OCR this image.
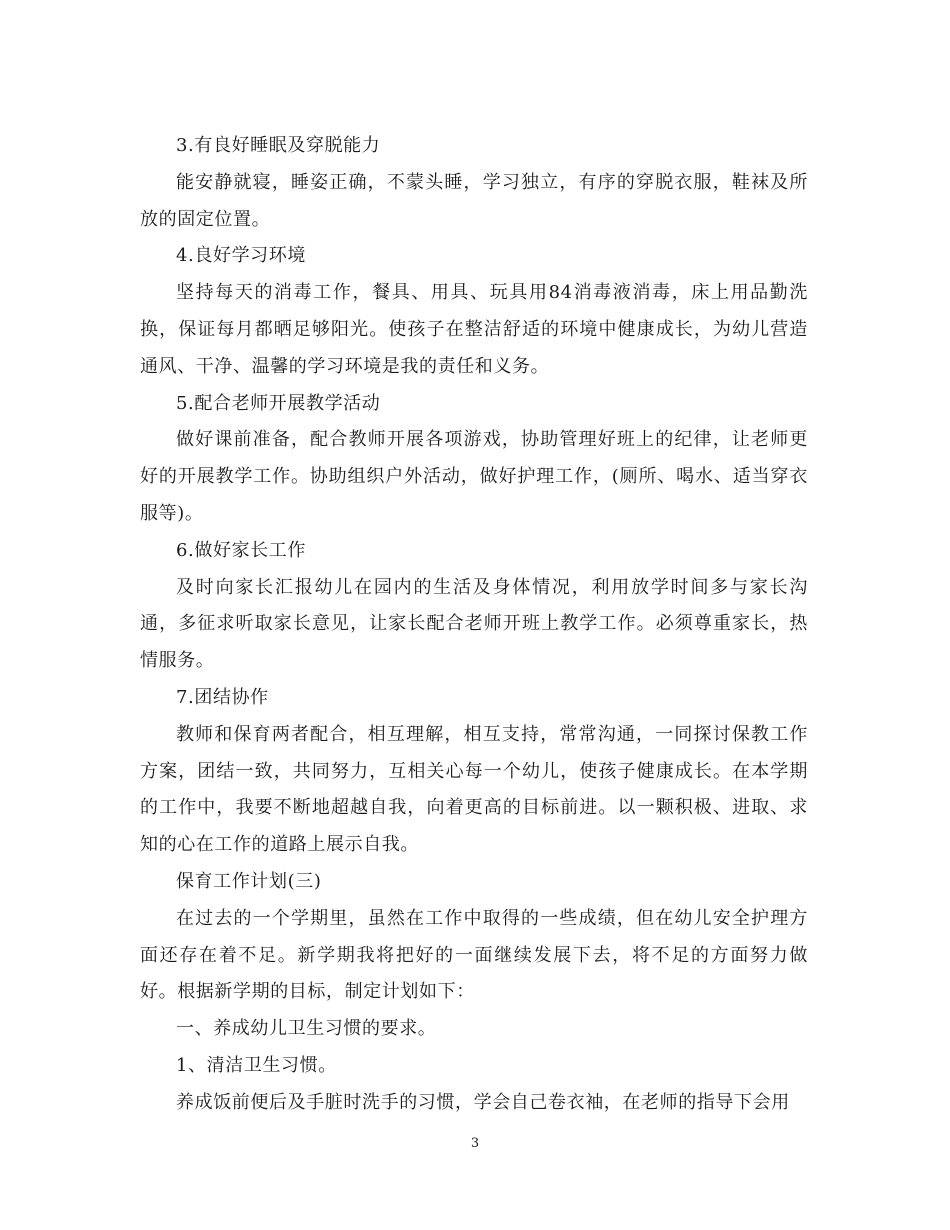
3.有良好睡眠及穿脱能力

能安静就寝，睡姿正确，不蒙头睡，学习独立，有序的穿脱衣服，鞋袜及所放的固定位置。

4.良好学习环境

坚持每天的消毒工作，餐具、用具、玩具用84消毒液消毒，床上用品勤洗换，保证每月都晒足够阳光。使孩子在整洁舒适的环境中健康成长，为幼儿营造通风、干净、温馨的学习环境是我的责任和义务。

5.配合老师开展教学活动

做好课前准备，配合教师开展各项游戏，协助管理好班上的纪律，让老师更好的开展教学工作。协助组织户外活动，做好护理工作，(厕所、喝水、适当穿衣服等)。

6.做好家长工作

及时向家长汇报幼儿在园内的生活及身体情况，利用放学时间多与家长沟通，多征求听取家长意见，让家长配合老师开班上教学工作。必须尊重家长，热情服务。

7.团结协作

教师和保育两者配合，相互理解，相互支持，常常沟通，一同探讨保教工作方案，团结一致，共同努力，互相关心每一个幼儿，使孩子健康成长。在本学期的工作中，我要不断地超越自我，向着更高的目标前进。以一颗积极、进取、求知的心在工作的道路上展示自我。

保育工作计划(三)

在过去的一个学期里，虽然在工作中取得的一些成绩，但在幼儿安全护理方面还存在着不足。新学期我将把好的一面继续发展下去，将不足的方面努力做好。根据新学期的目标，制定计划如下：

一、养成幼儿卫生习惯的要求。

1、清洁卫生习惯。

养成饭前便后及手脏时洗手的习惯，学会自己卷衣袖，在老师的指导下会用

3
